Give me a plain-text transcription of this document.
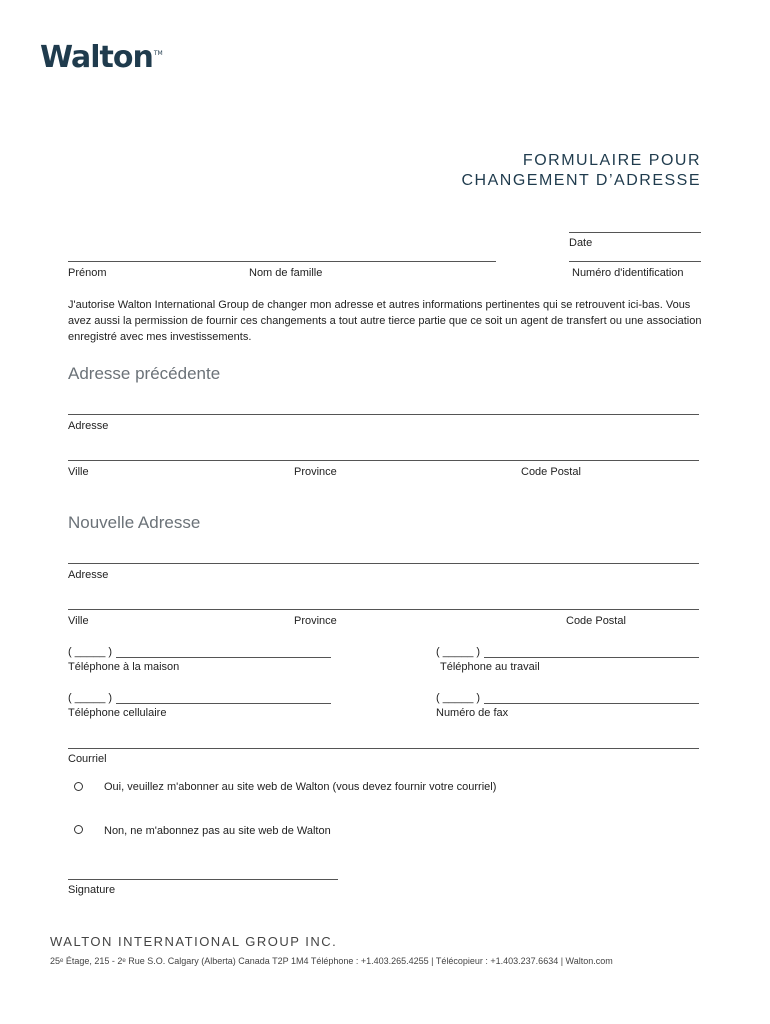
Walton™
FORMULAIRE POUR
CHANGEMENT D’ADRESSE
Date
Prénom	Nom de famille	Numéro d'identification
J'autorise Walton International Group de changer mon adresse et autres informations pertinentes qui se retrouvent ici-bas. Vous avez aussi la permission de fournir ces changements a tout autre tierce partie que ce soit un agent de transfert ou une association enregistré avec mes investissements.
Adresse précédente
Adresse
Ville	Province	Code Postal
Nouvelle Adresse
Adresse
Ville	Province	Code Postal
( _____ )	( _____ )
Téléphone à la maison	Téléphone au travail
( _____ )	( _____ )
Téléphone cellulaire	Numéro de fax
Courriel
Oui, veuillez m'abonner au site web de Walton (vous devez fournir votre courriel)
Non, ne m'abonnez pas au site web de Walton
Signature
WALTON INTERNATIONAL GROUP INC.
25ᵉ Étage, 215 - 2ᵉ Rue S.O. Calgary (Alberta) Canada T2P 1M4 Téléphone : +1.403.265.4255 | Télécopieur : +1.403.237.6634 | Walton.com
